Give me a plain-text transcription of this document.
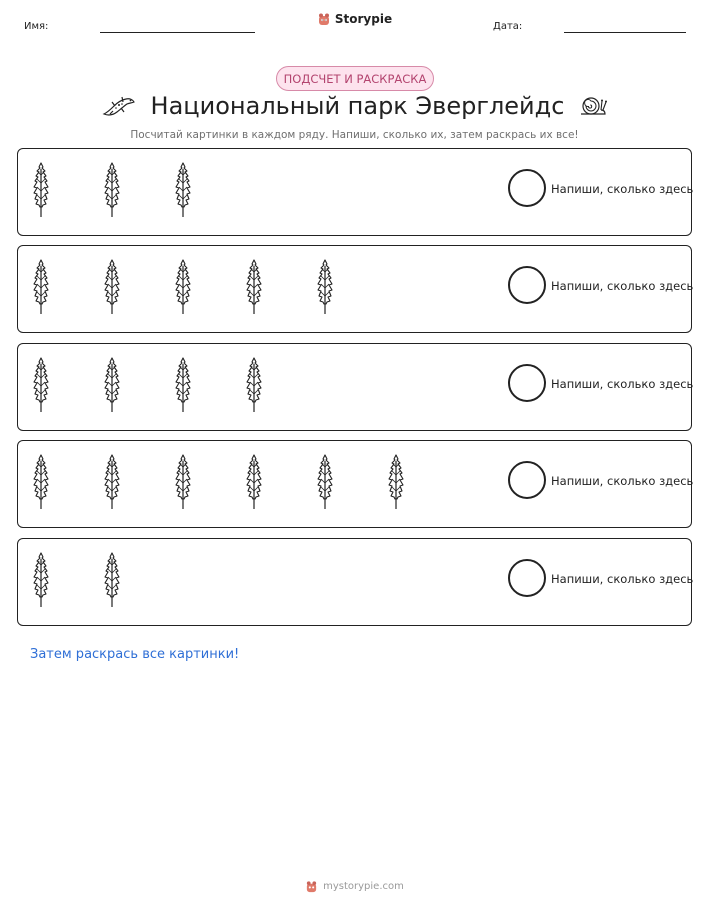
Имя:
Storypie
Дата:
ПОДСЧЕТ И РАСКРАСКА
Национальный парк Эверглейдс
Посчитай картинки в каждом ряду. Напиши, сколько их, затем раскрась их все!
Напиши, сколько здесь
Напиши, сколько здесь
Напиши, сколько здесь
Напиши, сколько здесь
Напиши, сколько здесь
Затем раскрась все картинки!
mystorypie.com
